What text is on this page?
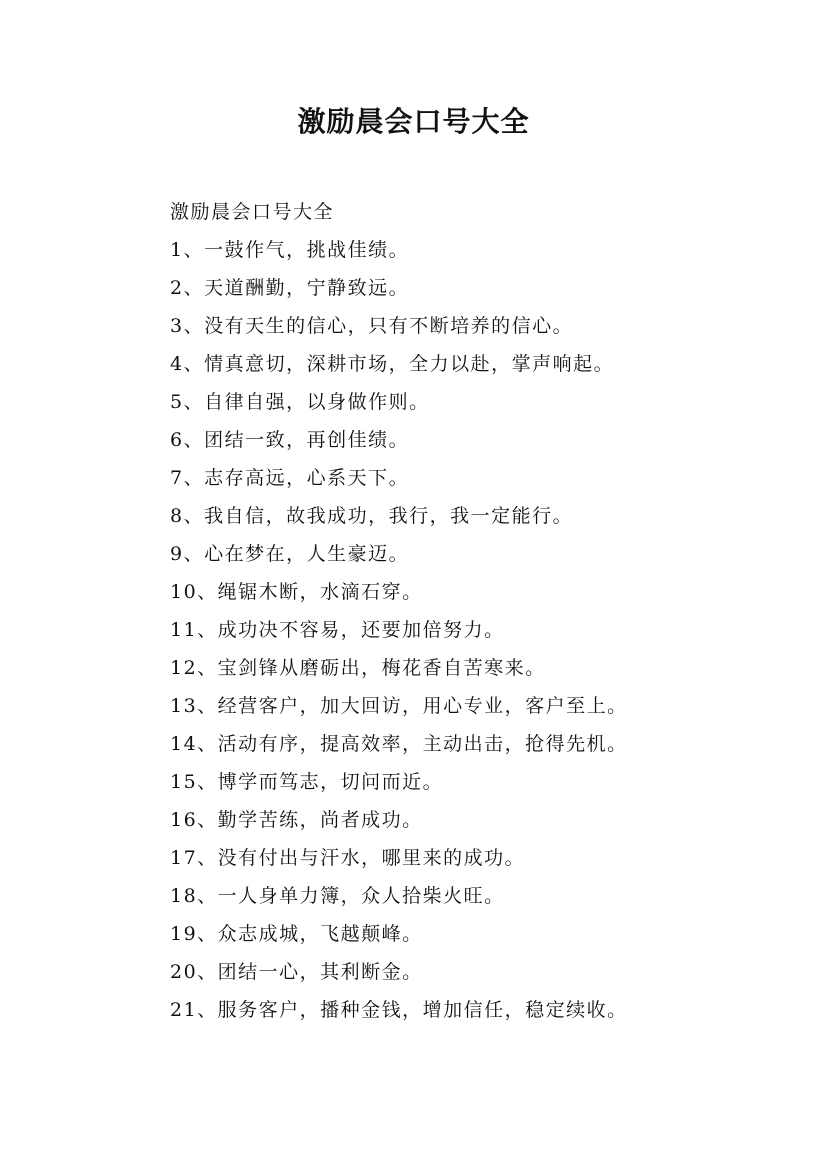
激励晨会口号大全

激励晨会口号大全

1、一鼓作气，挑战佳绩。
2、天道酬勤，宁静致远。
3、没有天生的信心，只有不断培养的信心。
4、情真意切，深耕市场，全力以赴，掌声响起。
5、自律自强，以身做作则。
6、团结一致，再创佳绩。
7、志存高远，心系天下。
8、我自信，故我成功，我行，我一定能行。
9、心在梦在，人生豪迈。
10、绳锯木断，水滴石穿。
11、成功决不容易，还要加倍努力。
12、宝剑锋从磨砺出，梅花香自苦寒来。
13、经营客户，加大回访，用心专业，客户至上。
14、活动有序，提高效率，主动出击，抢得先机。
15、博学而笃志，切问而近。
16、勤学苦练，尚者成功。
17、没有付出与汗水，哪里来的成功。
18、一人身单力簿，众人拾柴火旺。
19、众志成城，飞越颠峰。
20、团结一心，其利断金。
21、服务客户，播种金钱，增加信任，稳定续收。
